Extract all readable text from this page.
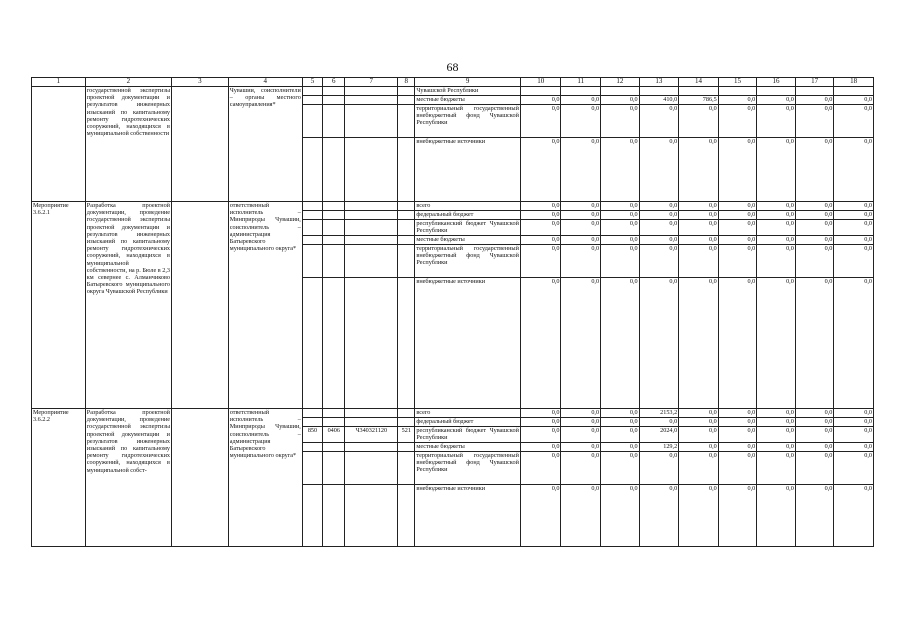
68
1	2	3	4	5	6	7	8	9	10	11	12	13	14	15	16	17	18
	государственной экспертизы проектной документации и результатов инженерных изысканий по капитальному ремонту гидротехнических сооружений, находящихся в муниципальной собственности		Чувашии, соисполнители – органы местного самоуправления*					Чувашской Республики									
								местные бюджеты	0,0	0,0	0,0	410,0	786,5	0,0	0,0	0,0	0,0
								территориальный государственный внебюджетный фонд Чувашской Республики	0,0	0,0	0,0	0,0	0,0	0,0	0,0	0,0	0,0
								внебюджетные источники	0,0	0,0	0,0	0,0	0,0	0,0	0,0	0,0	0,0
Мероприятие 3.6.2.1	Разработка проектной документации, проведение государственной экспертизы проектной документации и результатов инженерных изысканий по капитальному ремонту гидротехнических сооружений, находящихся в муниципальной собственности, на р. Бюле в 2,3 км севернее с. Алманчиково Батыревского муниципального округа Чувашской Республики		ответственный исполнитель – Минприроды Чувашии, соисполнитель – администрация Батыревского муниципального округа*					всего	0,0	0,0	0,0	0,0	0,0	0,0	0,0	0,0	0,0
								федеральный бюджет	0,0	0,0	0,0	0,0	0,0	0,0	0,0	0,0	0,0
								республиканский бюджет Чувашской Республики	0,0	0,0	0,0	0,0	0,0	0,0	0,0	0,0	0,0
								местные бюджеты	0,0	0,0	0,0	0,0	0,0	0,0	0,0	0,0	0,0
								территориальный государственный внебюджетный фонд Чувашской Республики	0,0	0,0	0,0	0,0	0,0	0,0	0,0	0,0	0,0
								внебюджетные источники	0,0	0,0	0,0	0,0	0,0	0,0	0,0	0,0	0,0
Мероприятие 3.6.2.2	Разработка проектной документации, проведение государственной экспертизы проектной документации и результатов инженерных изысканий по капитальному ремонту гидротехнических сооружений, находящихся в муниципальной собст-		ответственный исполнитель – Минприроды Чувашии, соисполнитель – администрация Батыревского муниципального округа*					всего	0,0	0,0	0,0	2153,2	0,0	0,0	0,0	0,0	0,0
								федеральный бюджет	0,0	0,0	0,0	0,0	0,0	0,0	0,0	0,0	0,0
				850	0406	Ч340321120	521	республиканский бюджет Чувашской Республики	0,0	0,0	0,0	2024,0	0,0	0,0	0,0	0,0	0,0
								местные бюджеты	0,0	0,0	0,0	129,2	0,0	0,0	0,0	0,0	0,0
								территориальный государственный внебюджетный фонд Чувашской Республики	0,0	0,0	0,0	0,0	0,0	0,0	0,0	0,0	0,0
								внебюджетные источники	0,0	0,0	0,0	0,0	0,0	0,0	0,0	0,0	0,0
